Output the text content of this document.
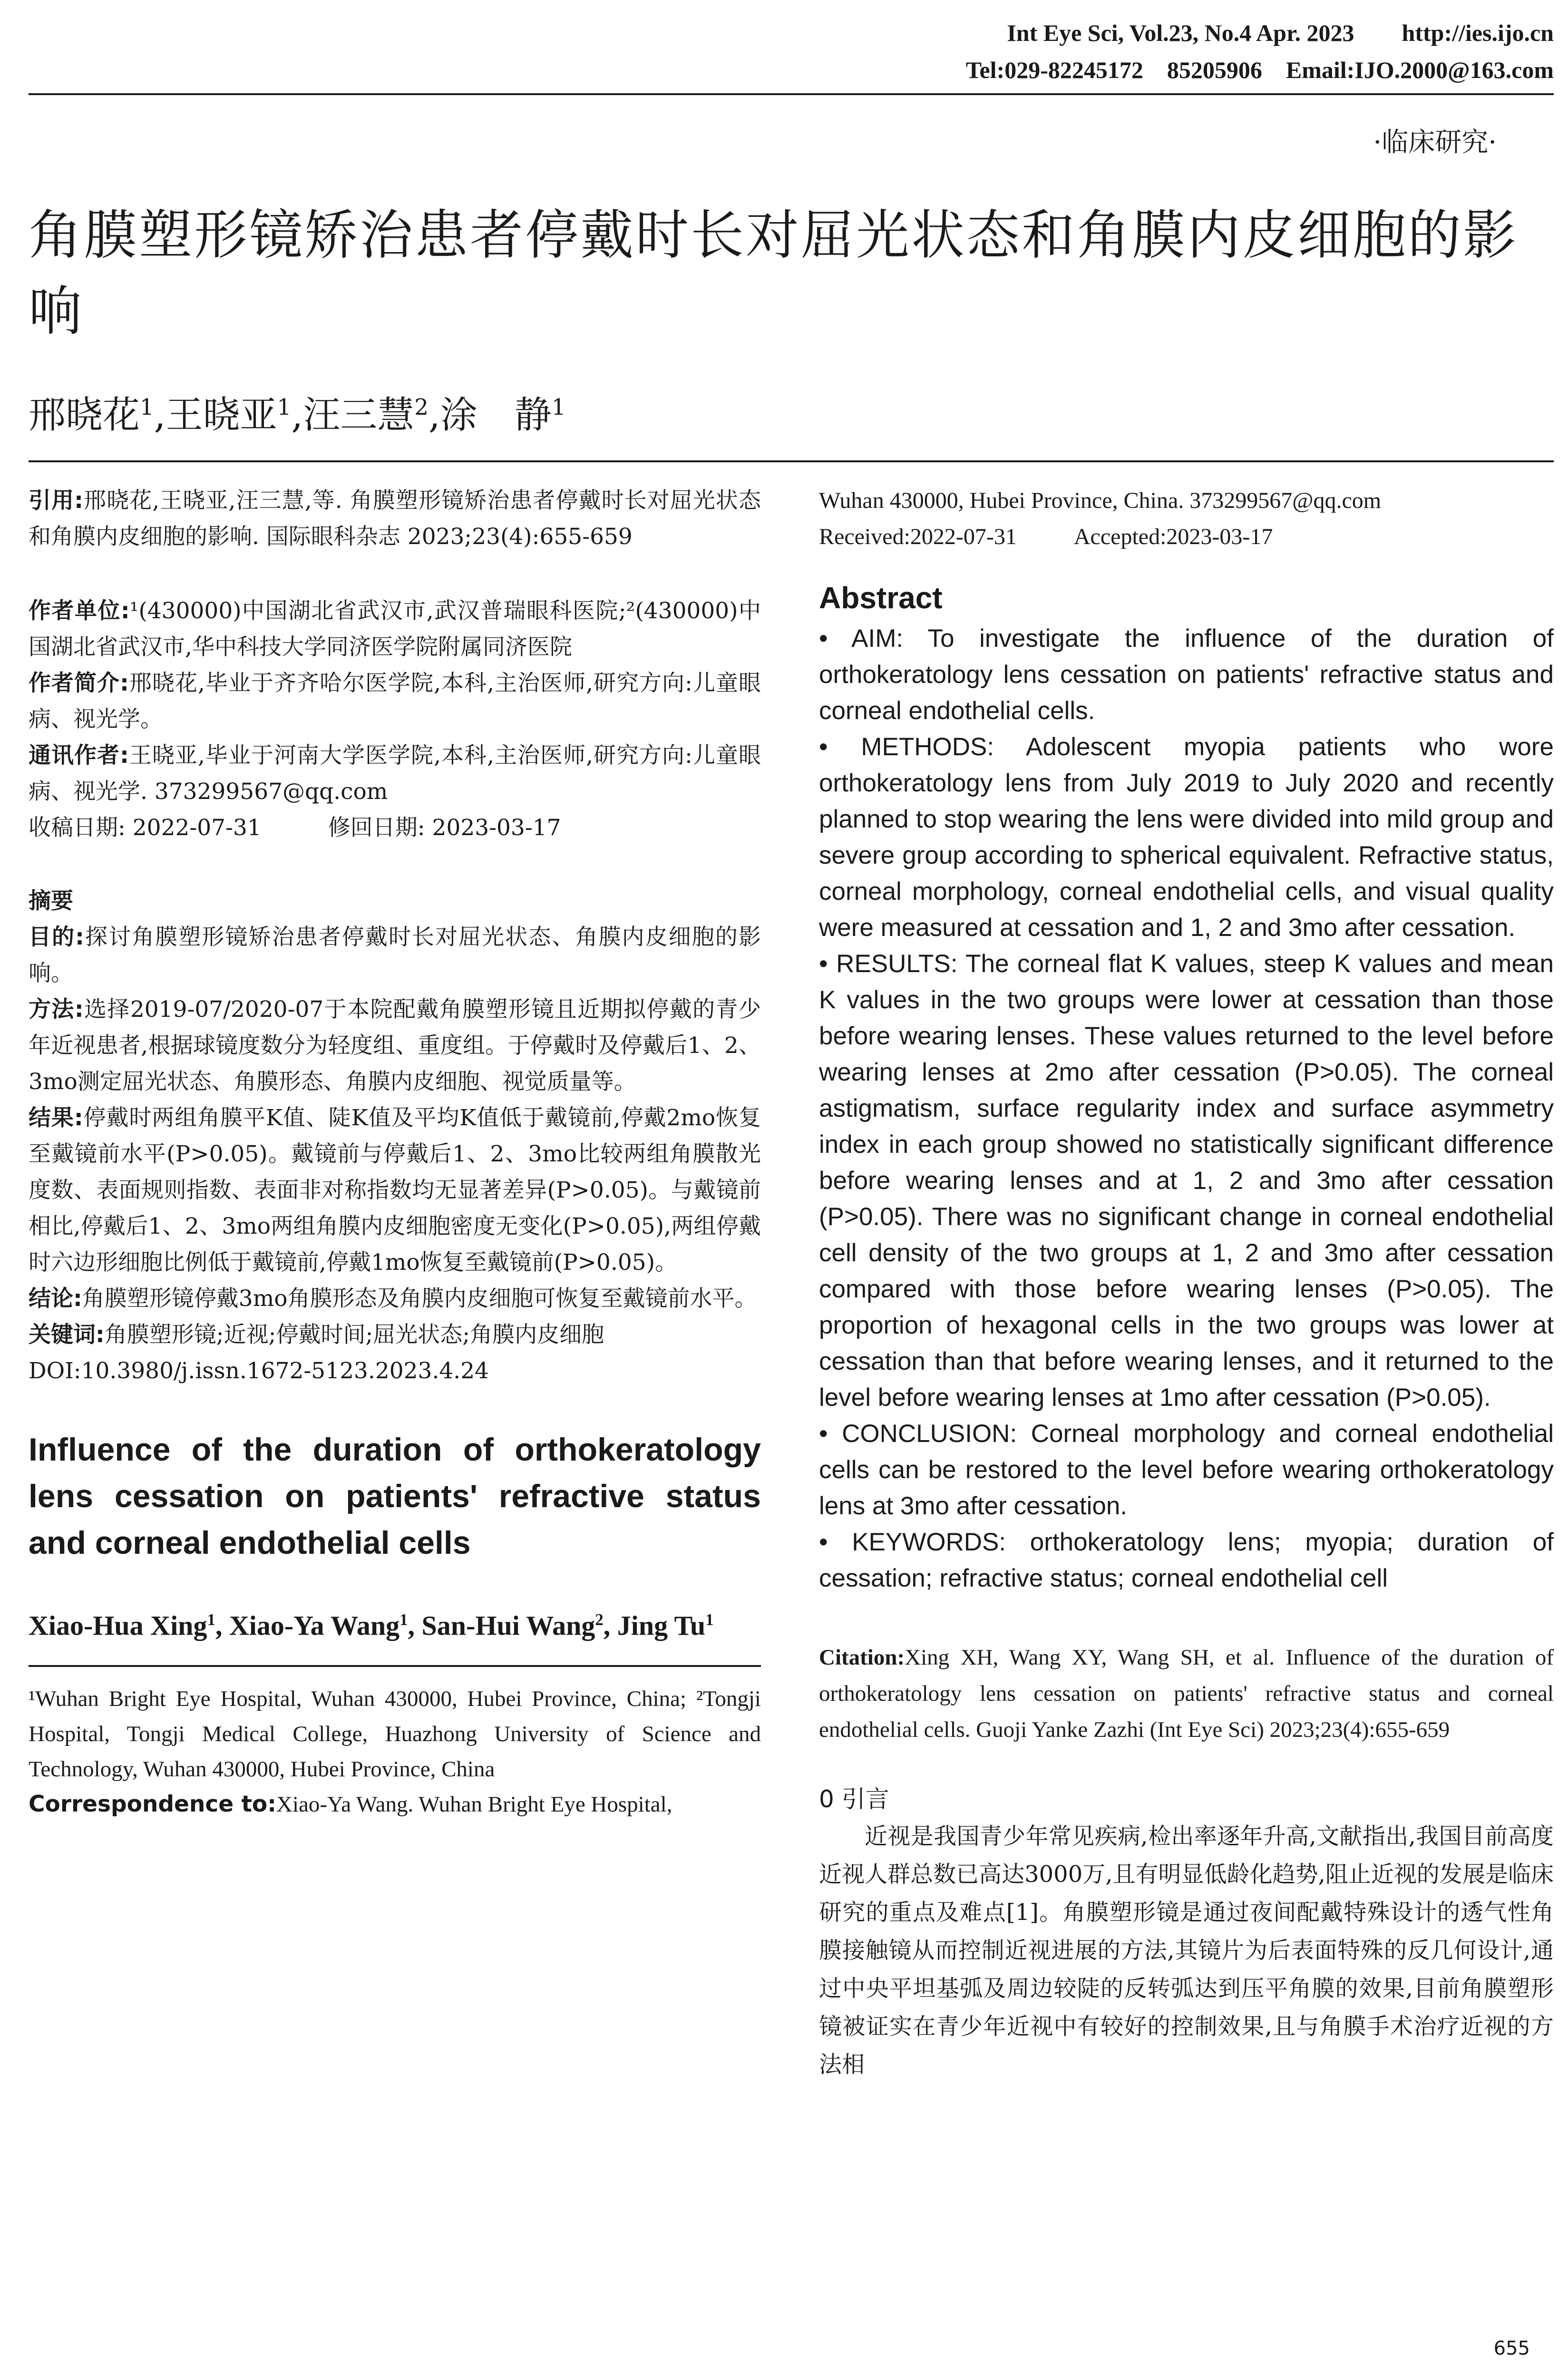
Int Eye Sci, Vol.23, No.4 Apr. 2023        http://ies.ijo.cn
Tel:029-82245172    85205906    Email:IJO.2000@163.com
·临床研究·
角膜塑形镜矫治患者停戴时长对屈光状态和角膜内皮细胞的影响
邢晓花$^1$,王晓亚$^1$,汪三慧$^2$,涂　静$^1$
引用:邢晓花,王晓亚,汪三慧,等. 角膜塑形镜矫治患者停戴时长对屈光状态和角膜内皮细胞的影响. 国际眼科杂志 2023;23(4):655-659
作者单位:¹(430000)中国湖北省武汉市,武汉普瑞眼科医院;²(430000)中国湖北省武汉市,华中科技大学同济医学院附属同济医院
作者简介:邢晓花,毕业于齐齐哈尔医学院,本科,主治医师,研究方向:儿童眼病、视光学。
通讯作者:王晓亚,毕业于河南大学医学院,本科,主治医师,研究方向:儿童眼病、视光学. 373299567@qq.com
收稿日期: 2022-07-31	修回日期: 2023-03-17
摘要
目的:探讨角膜塑形镜矫治患者停戴时长对屈光状态、角膜内皮细胞的影响。
方法:选择2019-07/2020-07于本院配戴角膜塑形镜且近期拟停戴的青少年近视患者,根据球镜度数分为轻度组、重度组。于停戴时及停戴后1、2、3mo测定屈光状态、角膜形态、角膜内皮细胞、视觉质量等。
结果:停戴时两组角膜平K值、陡K值及平均K值低于戴镜前,停戴2mo恢复至戴镜前水平(P>0.05)。戴镜前与停戴后1、2、3mo比较两组角膜散光度数、表面规则指数、表面非对称指数均无显著差异(P>0.05)。与戴镜前相比,停戴后1、2、3mo两组角膜内皮细胞密度无变化(P>0.05),两组停戴时六边形细胞比例低于戴镜前,停戴1mo恢复至戴镜前(P>0.05)。
结论:角膜塑形镜停戴3mo角膜形态及角膜内皮细胞可恢复至戴镜前水平。
关键词:角膜塑形镜;近视;停戴时间;屈光状态;角膜内皮细胞
DOI:10.3980/j.issn.1672-5123.2023.4.24
Influence of the duration of orthokeratology lens cessation on patients' refractive status and corneal endothelial cells
Xiao-Hua Xing$^1$, Xiao-Ya Wang$^1$, San-Hui Wang$^2$, Jing Tu$^1$
¹Wuhan Bright Eye Hospital, Wuhan 430000, Hubei Province, China; ²Tongji Hospital, Tongji Medical College, Huazhong University of Science and Technology, Wuhan 430000, Hubei Province, China
Correspondence to:Xiao-Ya Wang. Wuhan Bright Eye Hospital,
Wuhan 430000, Hubei Province, China. 373299567@qq.com
Received:2022-07-31	Accepted:2023-03-17
Abstract
• AIM: To investigate the influence of the duration of orthokeratology lens cessation on patients' refractive status and corneal endothelial cells.
• METHODS: Adolescent myopia patients who wore orthokeratology lens from July 2019 to July 2020 and recently planned to stop wearing the lens were divided into mild group and severe group according to spherical equivalent. Refractive status, corneal morphology, corneal endothelial cells, and visual quality were measured at cessation and 1, 2 and 3mo after cessation.
• RESULTS: The corneal flat K values, steep K values and mean K values in the two groups were lower at cessation than those before wearing lenses. These values returned to the level before wearing lenses at 2mo after cessation (P>0.05). The corneal astigmatism, surface regularity index and surface asymmetry index in each group showed no statistically significant difference before wearing lenses and at 1, 2 and 3mo after cessation (P>0.05). There was no significant change in corneal endothelial cell density of the two groups at 1, 2 and 3mo after cessation compared with those before wearing lenses (P>0.05). The proportion of hexagonal cells in the two groups was lower at cessation than that before wearing lenses, and it returned to the level before wearing lenses at 1mo after cessation (P>0.05).
• CONCLUSION: Corneal morphology and corneal endothelial cells can be restored to the level before wearing orthokeratology lens at 3mo after cessation.
• KEYWORDS: orthokeratology lens; myopia; duration of cessation; refractive status; corneal endothelial cell
Citation:Xing XH, Wang XY, Wang SH, et al. Influence of the duration of orthokeratology lens cessation on patients' refractive status and corneal endothelial cells. Guoji Yanke Zazhi (Int Eye Sci) 2023;23(4):655-659
0 引言
近视是我国青少年常见疾病,检出率逐年升高,文献指出,我国目前高度近视人群总数已高达3000万,且有明显低龄化趋势,阻止近视的发展是临床研究的重点及难点[1]。角膜塑形镜是通过夜间配戴特殊设计的透气性角膜接触镜从而控制近视进展的方法,其镜片为后表面特殊的反几何设计,通过中央平坦基弧及周边较陡的反转弧达到压平角膜的效果,目前角膜塑形镜被证实在青少年近视中有较好的控制效果,且与角膜手术治疗近视的方法相
655
